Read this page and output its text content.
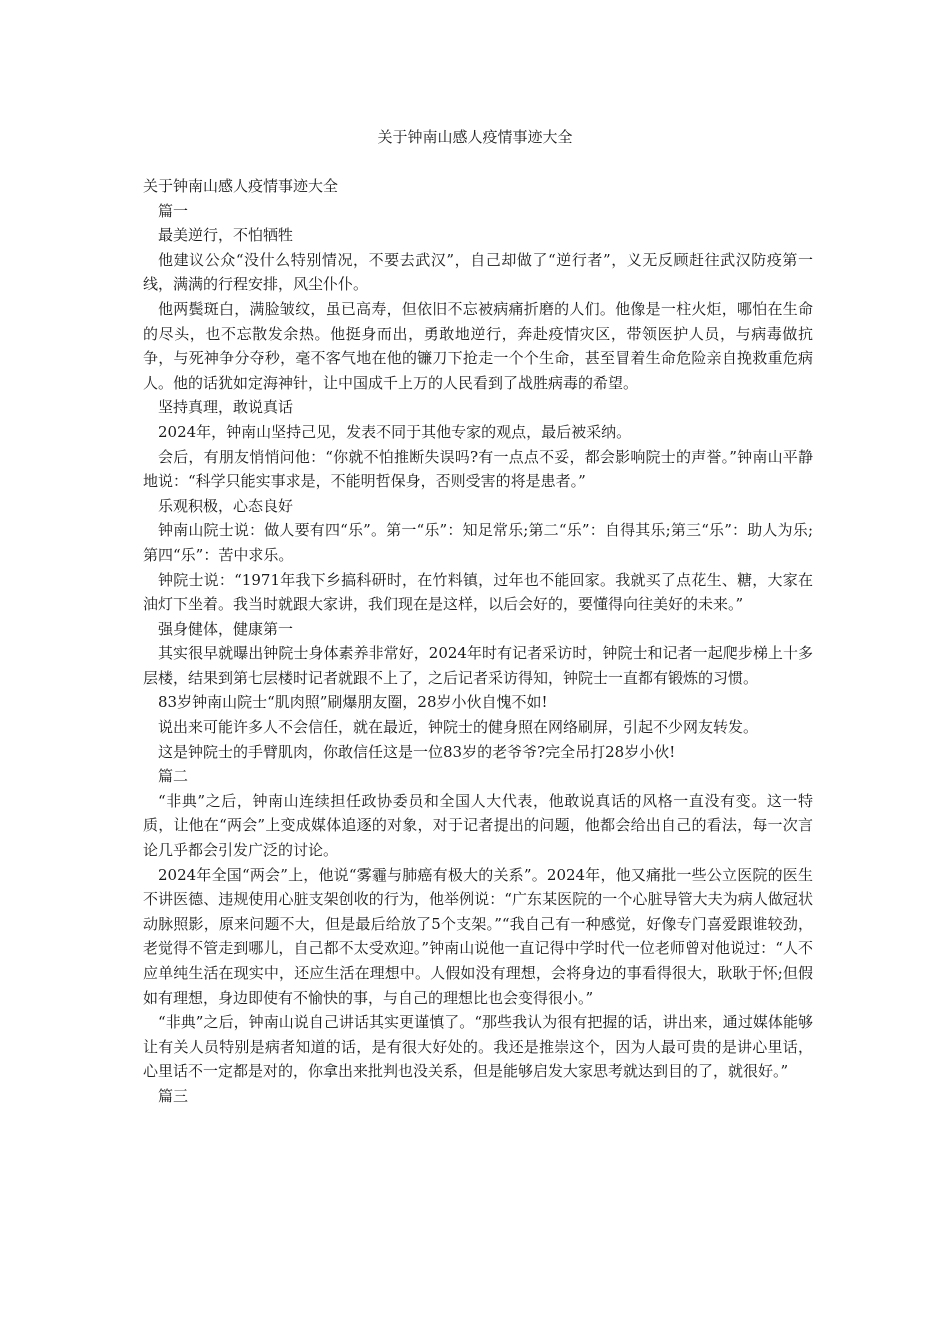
关于钟南山感人疫情事迹大全

关于钟南山感人疫情事迹大全

篇一

最美逆行，不怕牺牲

他建议公众“没什么特别情况，不要去武汉”，自己却做了“逆行者”，义无反顾赶往武汉防疫第一线，满满的行程安排，风尘仆仆。

他两鬓斑白，满脸皱纹，虽已高寿，但依旧不忘被病痛折磨的人们。他像是一柱火炬，哪怕在生命的尽头，也不忘散发余热。他挺身而出，勇敢地逆行，奔赴疫情灾区，带领医护人员，与病毒做抗争，与死神争分夺秒，毫不客气地在他的镰刀下抢走一个个生命，甚至冒着生命危险亲自挽救重危病人。他的话犹如定海神针，让中国成千上万的人民看到了战胜病毒的希望。

坚持真理，敢说真话

2024年，钟南山坚持己见，发表不同于其他专家的观点，最后被采纳。

会后，有朋友悄悄问他：“你就不怕推断失误吗?有一点点不妥，都会影响院士的声誉。”钟南山平静地说：“科学只能实事求是，不能明哲保身，否则受害的将是患者。”

乐观积极，心态良好

钟南山院士说：做人要有四“乐”。第一“乐”：知足常乐;第二“乐”：自得其乐;第三“乐”：助人为乐;第四“乐”：苦中求乐。

钟院士说：“1971年我下乡搞科研时，在竹料镇，过年也不能回家。我就买了点花生、糖，大家在油灯下坐着。我当时就跟大家讲，我们现在是这样，以后会好的，要懂得向往美好的未来。”

强身健体，健康第一

其实很早就曝出钟院士身体素养非常好，2024年时有记者采访时，钟院士和记者一起爬步梯上十多层楼，结果到第七层楼时记者就跟不上了，之后记者采访得知，钟院士一直都有锻炼的习惯。

83岁钟南山院士“肌肉照”刷爆朋友圈，28岁小伙自愧不如!

说出来可能许多人不会信任，就在最近，钟院士的健身照在网络刷屏，引起不少网友转发。

这是钟院士的手臂肌肉，你敢信任这是一位83岁的老爷爷?完全吊打28岁小伙!

篇二

“非典”之后，钟南山连续担任政协委员和全国人大代表，他敢说真话的风格一直没有变。这一特质，让他在“两会”上变成媒体追逐的对象，对于记者提出的问题，他都会给出自己的看法，每一次言论几乎都会引发广泛的讨论。

2024年全国“两会”上，他说“雾霾与肺癌有极大的关系”。2024年，他又痛批一些公立医院的医生不讲医德、违规使用心脏支架创收的行为，他举例说：“广东某医院的一个心脏导管大夫为病人做冠状动脉照影，原来问题不大，但是最后给放了5个支架。”“我自己有一种感觉，好像专门喜爱跟谁较劲，老觉得不管走到哪儿，自己都不太受欢迎。”钟南山说他一直记得中学时代一位老师曾对他说过：“人不应单纯生活在现实中，还应生活在理想中。人假如没有理想，会将身边的事看得很大，耿耿于怀;但假如有理想，身边即使有不愉快的事，与自己的理想比也会变得很小。”

“非典”之后，钟南山说自己讲话其实更谨慎了。“那些我认为很有把握的话，讲出来，通过媒体能够让有关人员特别是病者知道的话，是有很大好处的。我还是推崇这个，因为人最可贵的是讲心里话，心里话不一定都是对的，你拿出来批判也没关系，但是能够启发大家思考就达到目的了，就很好。”

篇三
